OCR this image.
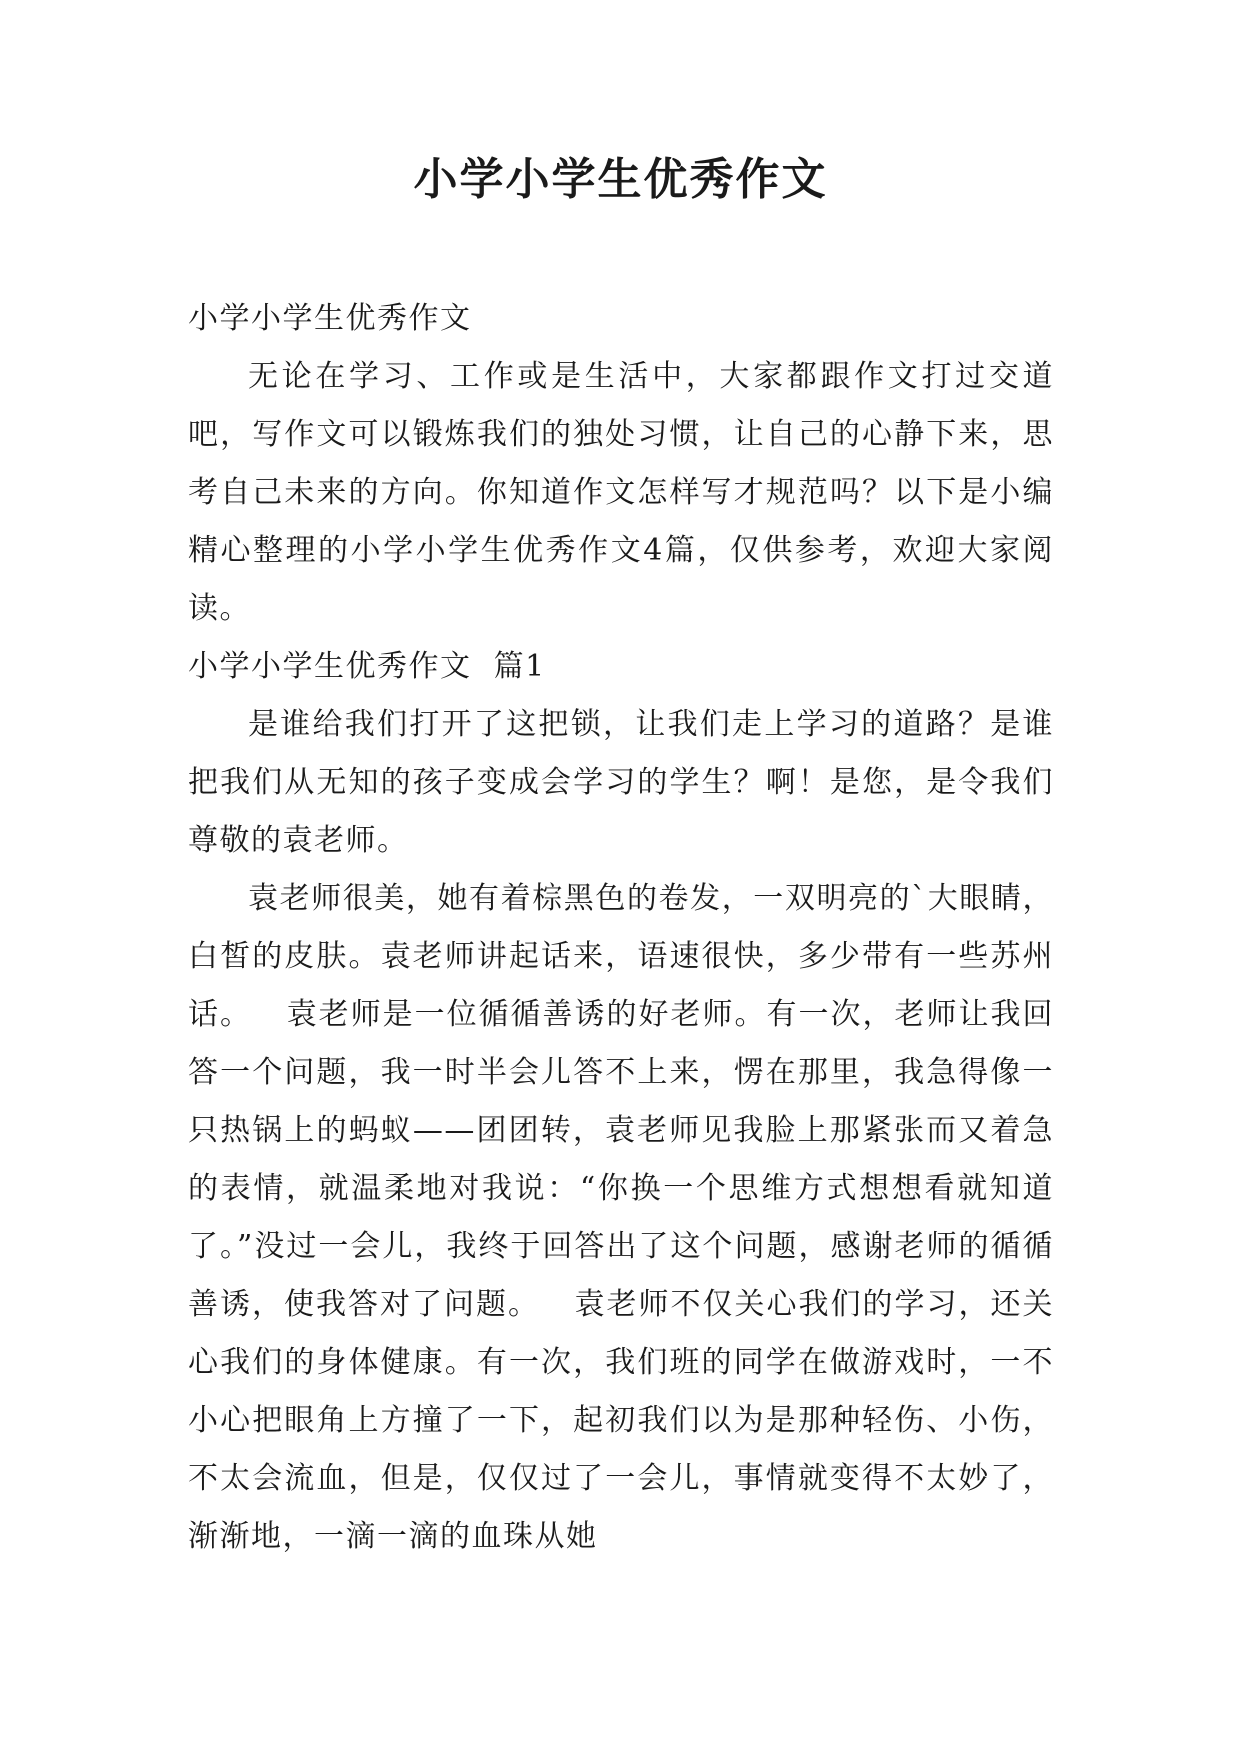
小学小学生优秀作文

小学小学生优秀作文

无论在学习、工作或是生活中，大家都跟作文打过交道吧，写作文可以锻炼我们的独处习惯，让自己的心静下来，思考自己未来的方向。你知道作文怎样写才规范吗？以下是小编精心整理的小学小学生优秀作文4篇，仅供参考，欢迎大家阅读。

小学小学生优秀作文  篇1

是谁给我们打开了这把锁，让我们走上学习的道路？是谁把我们从无知的孩子变成会学习的学生？啊！是您，是令我们尊敬的袁老师。

袁老师很美，她有着棕黑色的卷发，一双明亮的`大眼睛，白皙的皮肤。袁老师讲起话来，语速很快，多少带有一些苏州话。   袁老师是一位循循善诱的好老师。有一次，老师让我回答一个问题，我一时半会儿答不上来，愣在那里，我急得像一只热锅上的蚂蚁——团团转，袁老师见我脸上那紧张而又着急的表情，就温柔地对我说：“你换一个思维方式想想看就知道了。”没过一会儿，我终于回答出了这个问题，感谢老师的循循善诱，使我答对了问题。   袁老师不仅关心我们的学习，还关心我们的身体健康。有一次，我们班的同学在做游戏时，一不小心把眼角上方撞了一下，起初我们以为是那种轻伤、小伤，不太会流血，但是，仅仅过了一会儿，事情就变得不太妙了，渐渐地，一滴一滴的血珠从她
